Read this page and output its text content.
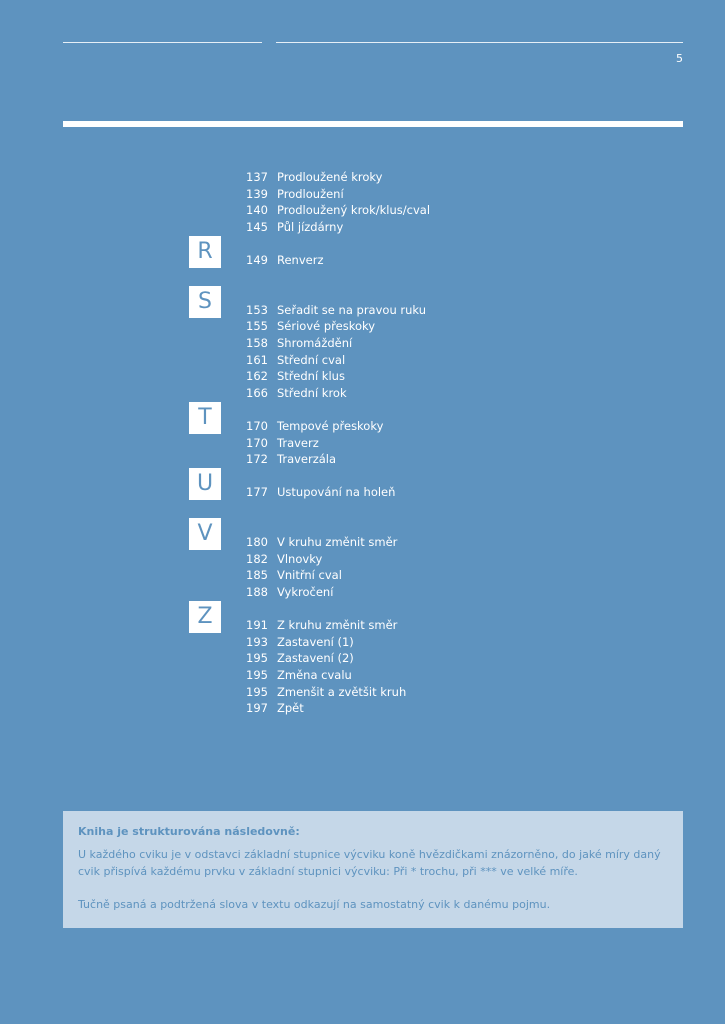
5
137 Prodloužené kroky
139 Prodloužení
140 Prodloužený krok/klus/cval
145 Půl jízdárny
R	149 Renverz
S	153 Seřadit se na pravou ruku
155 Sériové přeskoky
158 Shromáždění
161 Střední cval
162 Střední klus
166 Střední krok
T	170 Tempové přeskoky
170 Traverz
172 Traverzála
U	177 Ustupování na holeň
V	180 V kruhu změnit směr
182 Vlnovky
185 Vnitřní cval
188 Vykročení
Z	191 Z kruhu změnit směr
193 Zastavení (1)
195 Zastavení (2)
195 Změna cvalu
195 Zmenšit a zvětšit kruh
197 Zpět
Kniha je strukturována následovně:
U každého cviku je v odstavci základní stupnice výcviku koně hvězdičkami znázorněno, do jaké míry daný cvik přispívá každému prvku v základní stupnici výcviku: Při * trochu, při *** ve velké míře.
Tučně psaná a podtržená slova v textu odkazují na samostatný cvik k danému pojmu.
